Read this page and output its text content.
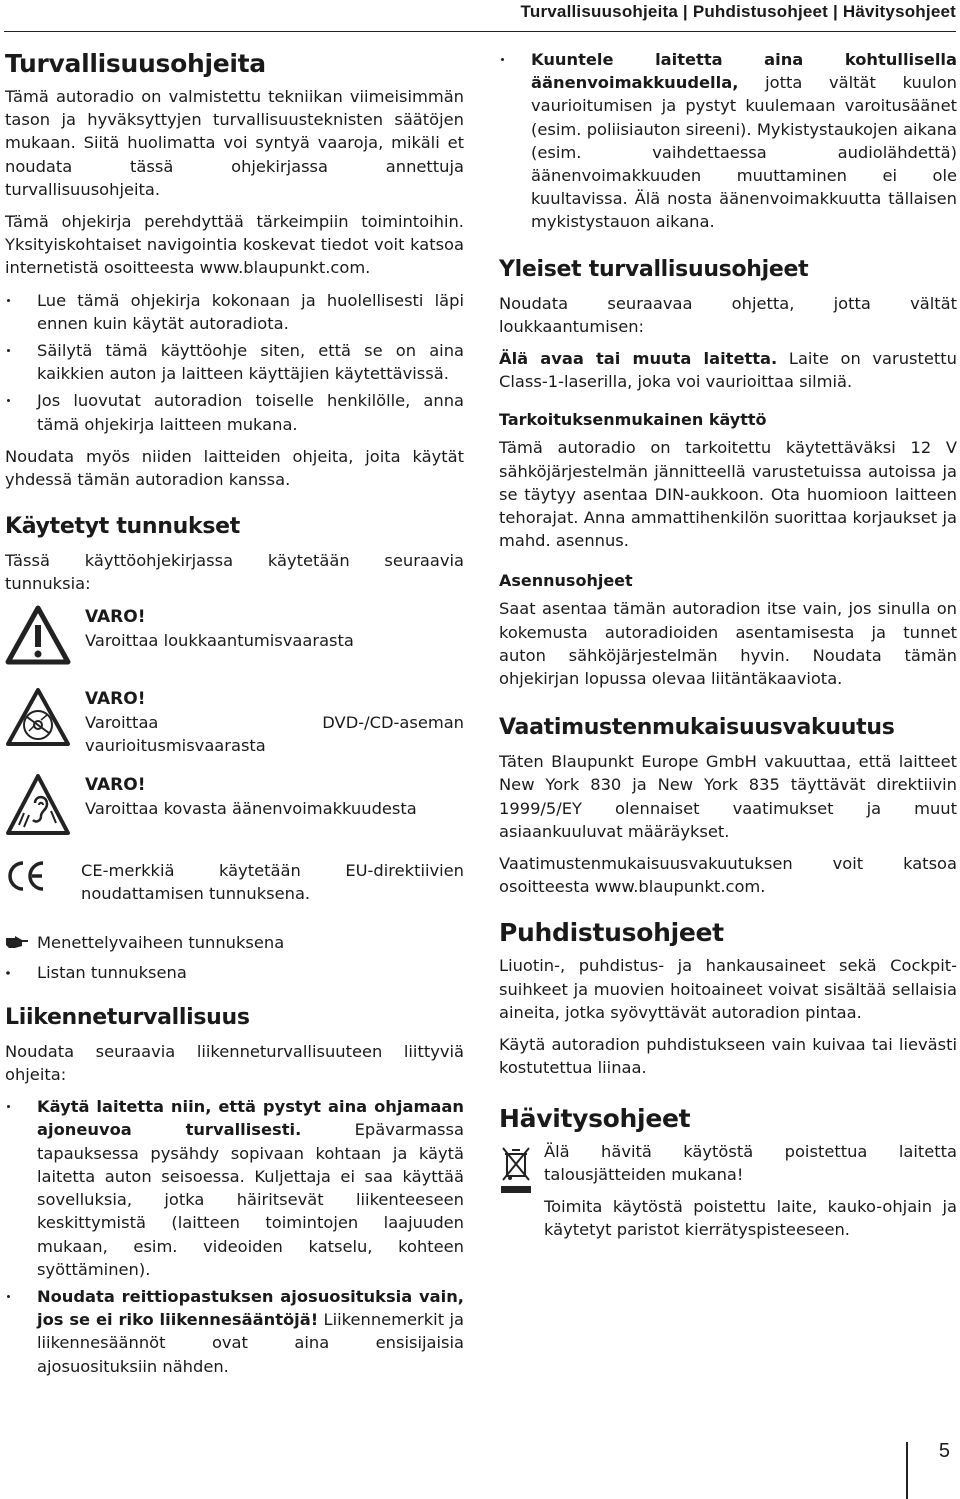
Turvallisuusohjeita | Puhdistusohjeet | Hävitysohjeet
Turvallisuusohjeita

Tämä autoradio on valmistettu tekniikan viimeisimmän tason ja hyväksyttyjen turvallisuusteknisten säätöjen mukaan. Siitä huolimatta voi syntyä vaaroja, mikäli et noudata tässä ohjekirjassa annettuja turvallisuusohjeita.

Tämä ohjekirja perehdyttää tärkeimpiin toimintoihin. Yksityiskohtaiset navigointia koskevat tiedot voit katsoa internetistä osoitteesta www.blaupunkt.com.

Lue tämä ohjekirja kokonaan ja huolellisesti läpi ennen kuin käytät autoradiota.
Säilytä tämä käyttöohje siten, että se on aina kaikkien auton ja laitteen käyttäjien käytettävissä.
Jos luovutat autoradion toiselle henkilölle, anna tämä ohjekirja laitteen mukana.

Noudata myös niiden laitteiden ohjeita, joita käytät yhdessä tämän autoradion kanssa.

Käytetyt tunnukset

Tässä käyttöohjekirjassa käytetään seuraavia tunnuksia:

VARO!
Varoittaa loukkaantumisvaarasta
VARO!
Varoittaa DVD-/CD-aseman vaurioitusmisvaarasta
VARO!
Varoittaa kovasta äänenvoimakkuudesta
CE-merkkiä käytetään EU-direktiivien noudattamisen tunnuksena.
Menettelyvaiheen tunnuksena
Listan tunnuksena
Liikenneturvallisuus

Noudata seuraavia liikenneturvallisuuteen liittyviä ohjeita:

Käytä laitetta niin, että pystyt aina ohjamaan ajoneuvoa turvallisesti. Epävarmassa tapauksessa pysähdy sopivaan kohtaan ja käytä laitetta auton seisoessa. Kuljettaja ei saa käyttää sovelluksia, jotka häiritsevät liikenteeseen keskittymistä (laitteen toimintojen laajuuden mukaan, esim. videoiden katselu, kohteen syöttäminen).
Noudata reittiopastuksen ajosuosituksia vain, jos se ei riko liikennesääntöjä! Liikennemerkit ja liikennesäännöt ovat aina ensisijaisia ajosuosituksiin nähden.
Kuuntele laitetta aina kohtullisella äänenvoimakkuudella, jotta vältät kuulon vaurioitumisen ja pystyt kuulemaan varoitusäänet (esim. poliisiauton sireeni). Mykistystaukojen aikana (esim. vaihdettaessa audiolähdettä) äänenvoimakkuuden muuttaminen ei ole kuultavissa. Älä nosta äänenvoimakkuutta tällaisen mykistystauon aikana.
Yleiset turvallisuusohjeet

Noudata seuraavaa ohjetta, jotta vältät loukkaantumisen:

Älä avaa tai muuta laitetta. Laite on varustettu Class-1-laserilla, joka voi vaurioittaa silmiä.

Tarkoituksenmukainen käyttö

Tämä autoradio on tarkoitettu käytettäväksi 12 V sähköjärjestelmän jännitteellä varustetuissa autoissa ja se täytyy asentaa DIN-aukkoon. Ota huomioon laitteen tehorajat. Anna ammattihenkilön suorittaa korjaukset ja mahd. asennus.

Asennusohjeet

Saat asentaa tämän autoradion itse vain, jos sinulla on kokemusta autoradioiden asentamisesta ja tunnet auton sähköjärjestelmän hyvin. Noudata tämän ohjekirjan lopussa olevaa liitäntäkaaviota.

Vaatimustenmukaisuusvakuutus

Täten Blaupunkt Europe GmbH vakuuttaa, että laitteet New York 830 ja New York 835 täyttävät direktiivin 1999/5/EY olennaiset vaatimukset ja muut asiaankuuluvat määräykset.

Vaatimustenmukaisuusvakuutuksen voit katsoa osoitteesta www.blaupunkt.com.

Puhdistusohjeet

Liuotin-, puhdistus- ja hankausaineet sekä Cockpit-suihkeet ja muovien hoitoaineet voivat sisältää sellaisia aineita, jotka syövyttävät autoradion pintaa.

Käytä autoradion puhdistukseen vain kuivaa tai lievästi kostutettua liinaa.

Hävitysohjeet

Älä hävitä käytöstä poistettua laitetta talousjätteiden mukana!

Toimita käytöstä poistettu laite, kauko-ohjain ja käytetyt paristot kierrätyspisteeseen.

5
